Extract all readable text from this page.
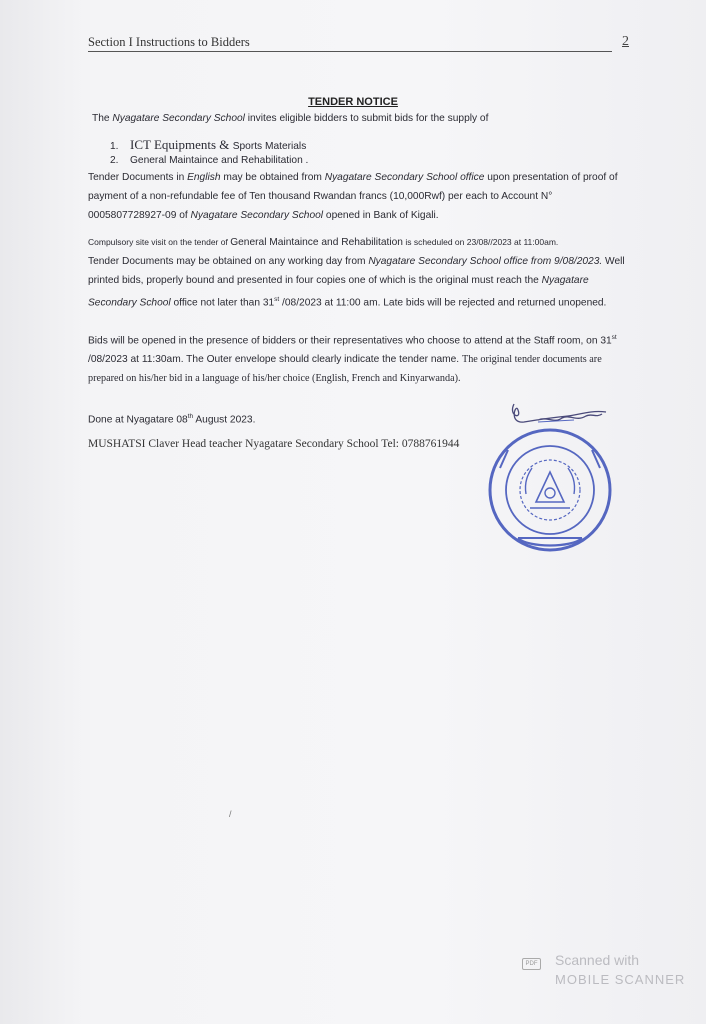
Section I Instructions to Bidders	2
TENDER NOTICE
The Nyagatare Secondary School invites eligible bidders to submit bids for the supply of
1. ICT Equipments & Sports Materials
2. General Maintaince and Rehabilitation .
Tender Documents in English may be obtained from Nyagatare Secondary School office upon presentation of proof of payment of a non-refundable fee of Ten thousand Rwandan francs (10,000Rwf) per each to Account N° 0005807728927-09 of Nyagatare Secondary School opened in Bank of Kigali.
Compulsory site visit on the tender of General Maintaince and Rehabilitation is scheduled on 23/08//2023 at 11:00am.
Tender Documents may be obtained on any working day from Nyagatare Secondary School office from 9/08/2023. Well printed bids, properly bound and presented in four copies one of which is the original must reach the Nyagatare Secondary School office not later than 31st /08/2023 at 11:00 am. Late bids will be rejected and returned unopened.
Bids will be opened in the presence of bidders or their representatives who choose to attend at the Staff room, on 31st /08/2023 at 11:30am. The Outer envelope should clearly indicate the tender name. The original tender documents are prepared on his/her bid in a language of his/her choice (English, French and Kinyarwanda).
Done at Nyagatare 08th August 2023.
MUSHATSI Claver Head teacher Nyagatare Secondary School Tel: 0788761944
/
PDF Scanned with
MOBILE SCANNER
